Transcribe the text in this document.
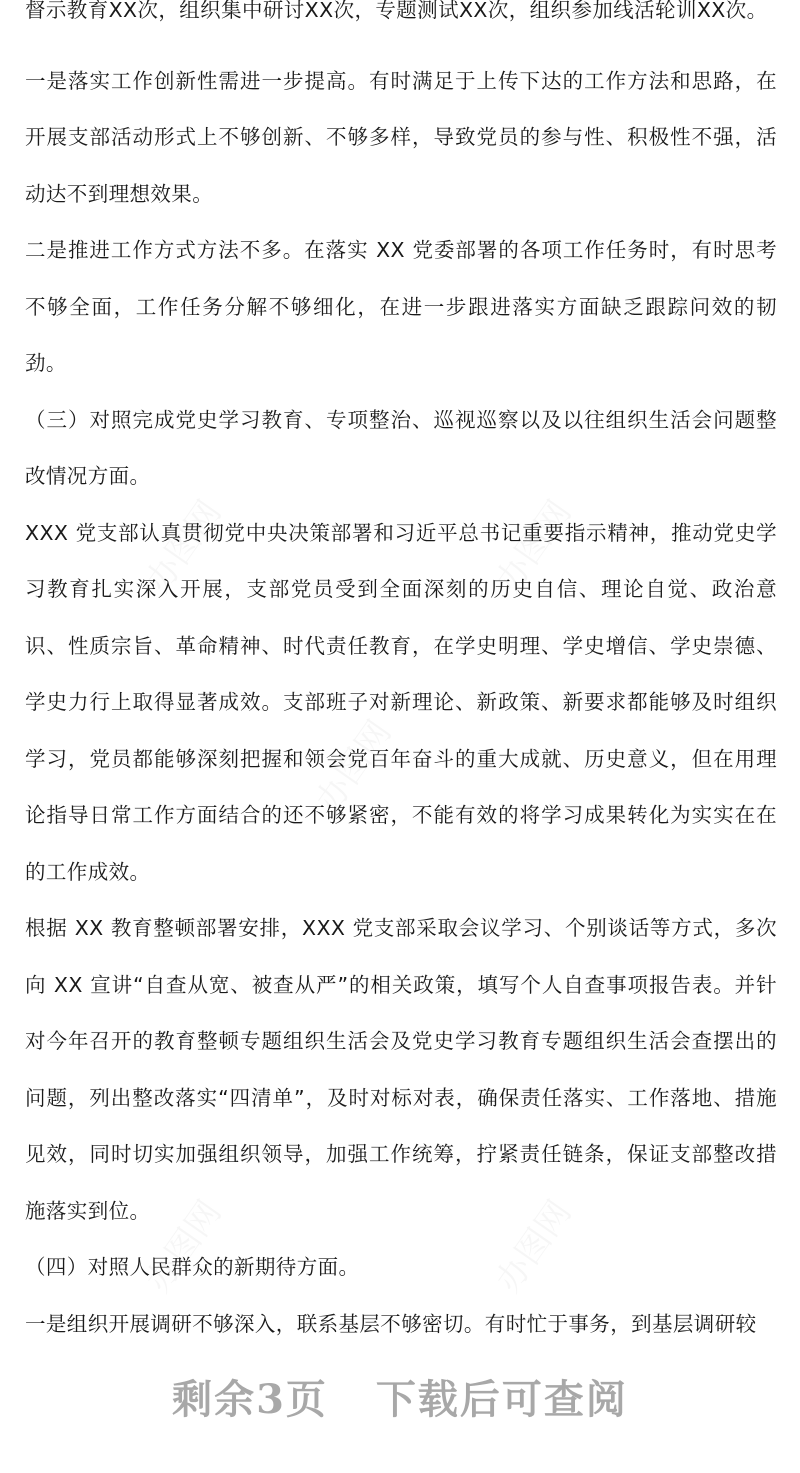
督示教育XX次，组织集中研讨XX次，专题测试XX次，组织参加线活轮训XX次。

一是落实工作创新性需进一步提高。有时满足于上传下达的工作方法和思路，在开展支部活动形式上不够创新、不够多样，导致党员的参与性、积极性不强，活动达不到理想效果。

二是推进工作方式方法不多。在落实 XX 党委部署的各项工作任务时，有时思考不够全面，工作任务分解不够细化，在进一步跟进落实方面缺乏跟踪问效的韧劲。

（三）对照完成党史学习教育、专项整治、巡视巡察以及以往组织生活会问题整改情况方面。

XXX 党支部认真贯彻党中央决策部署和习近平总书记重要指示精神，推动党史学习教育扎实深入开展，支部党员受到全面深刻的历史自信、理论自觉、政治意识、性质宗旨、革命精神、时代责任教育，在学史明理、学史增信、学史崇德、学史力行上取得显著成效。支部班子对新理论、新政策、新要求都能够及时组织学习，党员都能够深刻把握和领会党百年奋斗的重大成就、历史意义，但在用理论指导日常工作方面结合的还不够紧密，不能有效的将学习成果转化为实实在在的工作成效。

根据 XX 教育整顿部署安排，XXX 党支部采取会议学习、个别谈话等方式，多次向 XX 宣讲“自查从宽、被查从严”的相关政策，填写个人自查事项报告表。并针对今年召开的教育整顿专题组织生活会及党史学习教育专题组织生活会查摆出的问题，列出整改落实“四清单”，及时对标对表，确保责任落实、工作落地、措施见效，同时切实加强组织领导，加强工作统筹，拧紧责任链条，保证支部整改措施落实到位。

（四）对照人民群众的新期待方面。

一是组织开展调研不够深入，联系基层不够密切。有时忙于事务，到基层调研较

剩余3页 下载后可查阅
